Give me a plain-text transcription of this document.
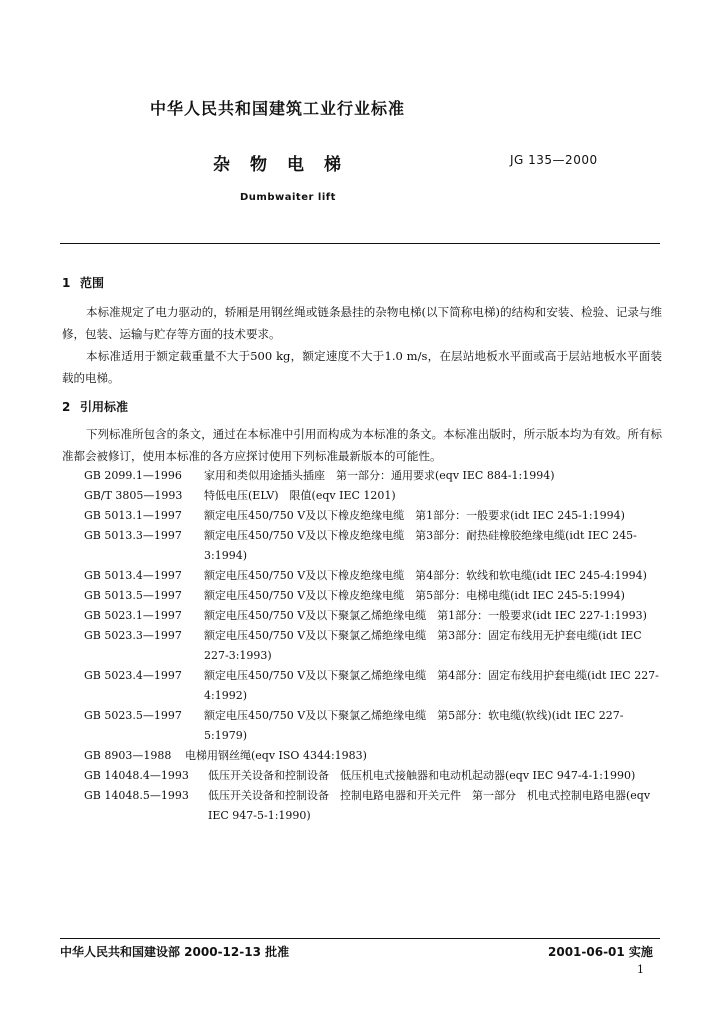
中华人民共和国建筑工业行业标准
杂物电梯	JG 135—2000
Dumbwaiter lift
1 范围
本标准规定了电力驱动的，轿厢是用钢丝绳或链条悬挂的杂物电梯(以下简称电梯)的结构和安装、检验、记录与维修，包装、运输与贮存等方面的技术要求。
本标准适用于额定载重量不大于500 kg，额定速度不大于1.0 m/s，在层站地板水平面或高于层站地板水平面装载的电梯。
2 引用标准
下列标准所包含的条文，通过在本标准中引用而构成为本标准的条文。本标准出版时，所示版本均为有效。所有标准都会被修订，使用本标准的各方应探讨使用下列标准最新版本的可能性。
GB 2099.1—1996	家用和类似用途插头插座　第一部分：通用要求(eqv IEC 884-1:1994)
GB/T 3805—1993	特低电压(ELV)　限值(eqv IEC 1201)
GB 5013.1—1997	额定电压450/750 V及以下橡皮绝缘电缆　第1部分：一般要求(idt IEC 245-1:1994)
GB 5013.3—1997	额定电压450/750 V及以下橡皮绝缘电缆　第3部分：耐热硅橡胶绝缘电缆(idt IEC 245-3:1994)
GB 5013.4—1997	额定电压450/750 V及以下橡皮绝缘电缆　第4部分：软线和软电缆(idt IEC 245-4:1994)
GB 5013.5—1997	额定电压450/750 V及以下橡皮绝缘电缆　第5部分：电梯电缆(idt IEC 245-5:1994)
GB 5023.1—1997	额定电压450/750 V及以下聚氯乙烯绝缘电缆　第1部分：一般要求(idt IEC 227-1:1993)
GB 5023.3—1997	额定电压450/750 V及以下聚氯乙烯绝缘电缆　第3部分：固定布线用无护套电缆(idt IEC 227-3:1993)
GB 5023.4—1997	额定电压450/750 V及以下聚氯乙烯绝缘电缆　第4部分：固定布线用护套电缆(idt IEC 227-4:1992)
GB 5023.5—1997	额定电压450/750 V及以下聚氯乙烯绝缘电缆　第5部分：软电缆(软线)(idt IEC 227-5:1979)
GB 8903—1988	电梯用钢丝绳(eqv ISO 4344:1983)
GB 14048.4—1993	低压开关设备和控制设备　低压机电式接触器和电动机起动器(eqv IEC 947-4-1:1990)
GB 14048.5—1993	低压开关设备和控制设备　控制电路电器和开关元件　第一部分　机电式控制电路电器(eqv IEC 947-5-1:1990)
中华人民共和国建设部 2000-12-13 批准	2001-06-01 实施
1
